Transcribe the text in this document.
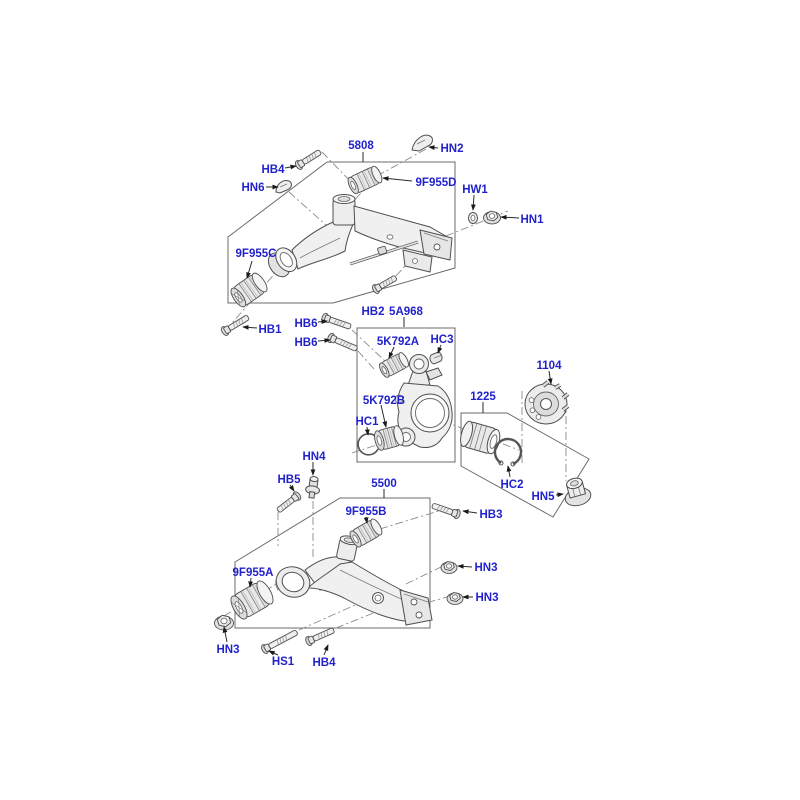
5808	HN2
HB4
HN6	9F955D
HW1
HN1
9F955C
HB1
HB2 5A968
HB6
HB6	5K792A HC3
5K792B
HC1
1225
1104
HC2
HN5
HB3
HN4
HB5	5500
9F955B
9F955A
HN3
HS1 HB4
HN3
HN3
